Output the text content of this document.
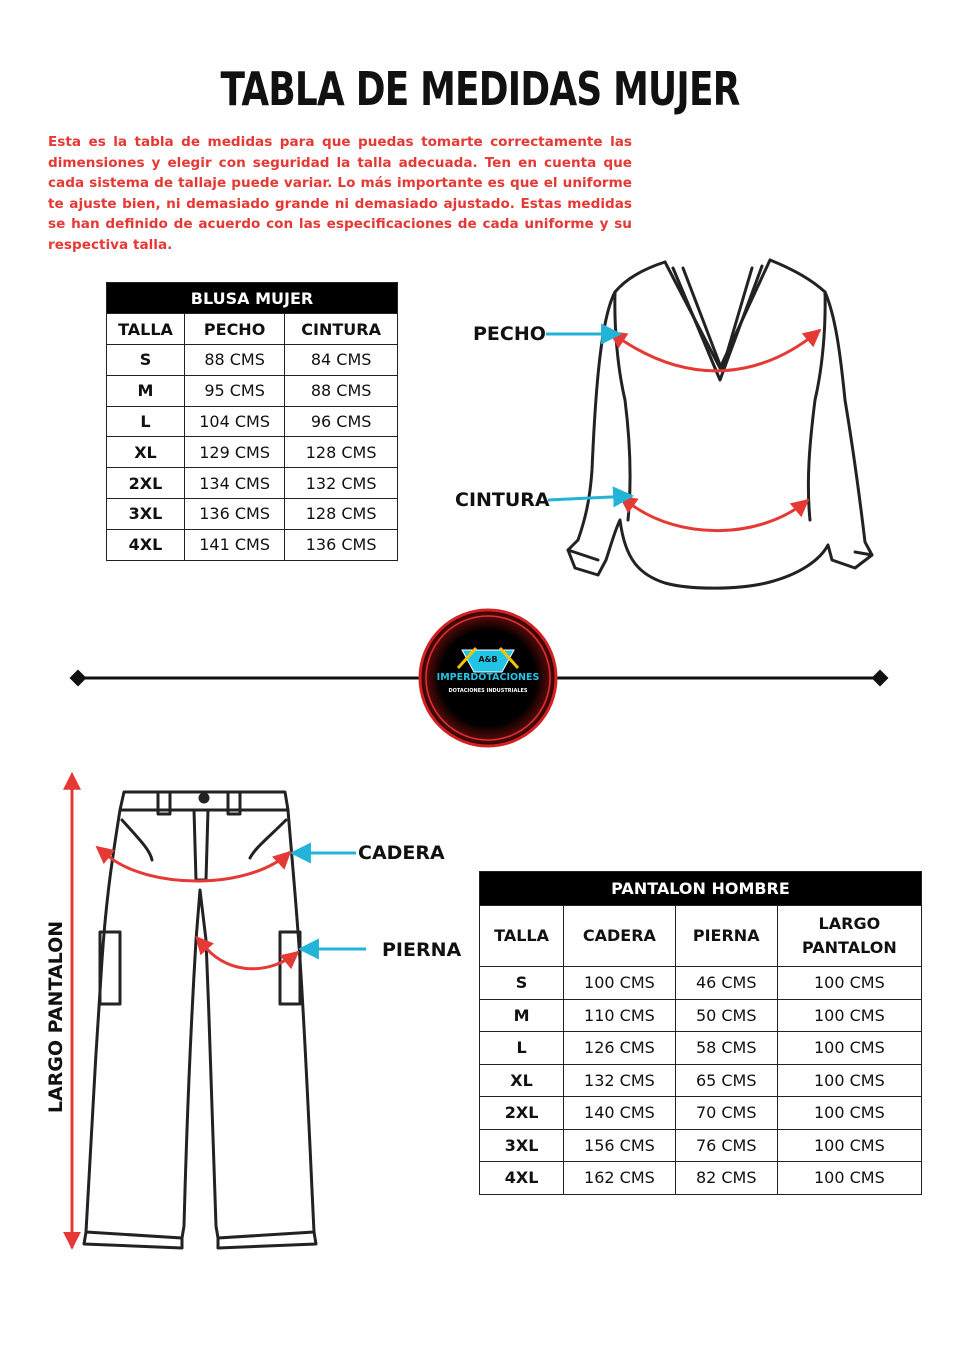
TABLA DE MEDIDAS MUJER

Esta es la tabla de medidas para que puedas tomarte correctamente las dimensiones y elegir con seguridad la talla adecuada. Ten en cuenta que cada sistema de tallaje puede variar. Lo más importante es que el uniforme te ajuste bien, ni demasiado grande ni demasiado ajustado. Estas medidas se han definido de acuerdo con las especificaciones de cada uniforme y su respectiva talla.

BLUSA MUJER		
TALLA	PECHO	CINTURA
S	88 CMS	84 CMS
M	95 CMS	88 CMS
L	104 CMS	96 CMS
XL	129 CMS	128 CMS
2XL	134 CMS	132 CMS
3XL	136 CMS	128 CMS
4XL	141 CMS	136 CMS
A&B
IMPERDOTACIONES
DOTACIONES INDUSTRIALES
PECHO
CINTURA
CADERA
PIERNA
LARGO PANTALON
PANTALON HOMBRE			
TALLA	CADERA	PIERNA	LARGO
PANTALON
S	100 CMS	46 CMS	100 CMS
M	110 CMS	50 CMS	100 CMS
L	126 CMS	58 CMS	100 CMS
XL	132 CMS	65 CMS	100 CMS
2XL	140 CMS	70 CMS	100 CMS
3XL	156 CMS	76 CMS	100 CMS
4XL	162 CMS	82 CMS	100 CMS
